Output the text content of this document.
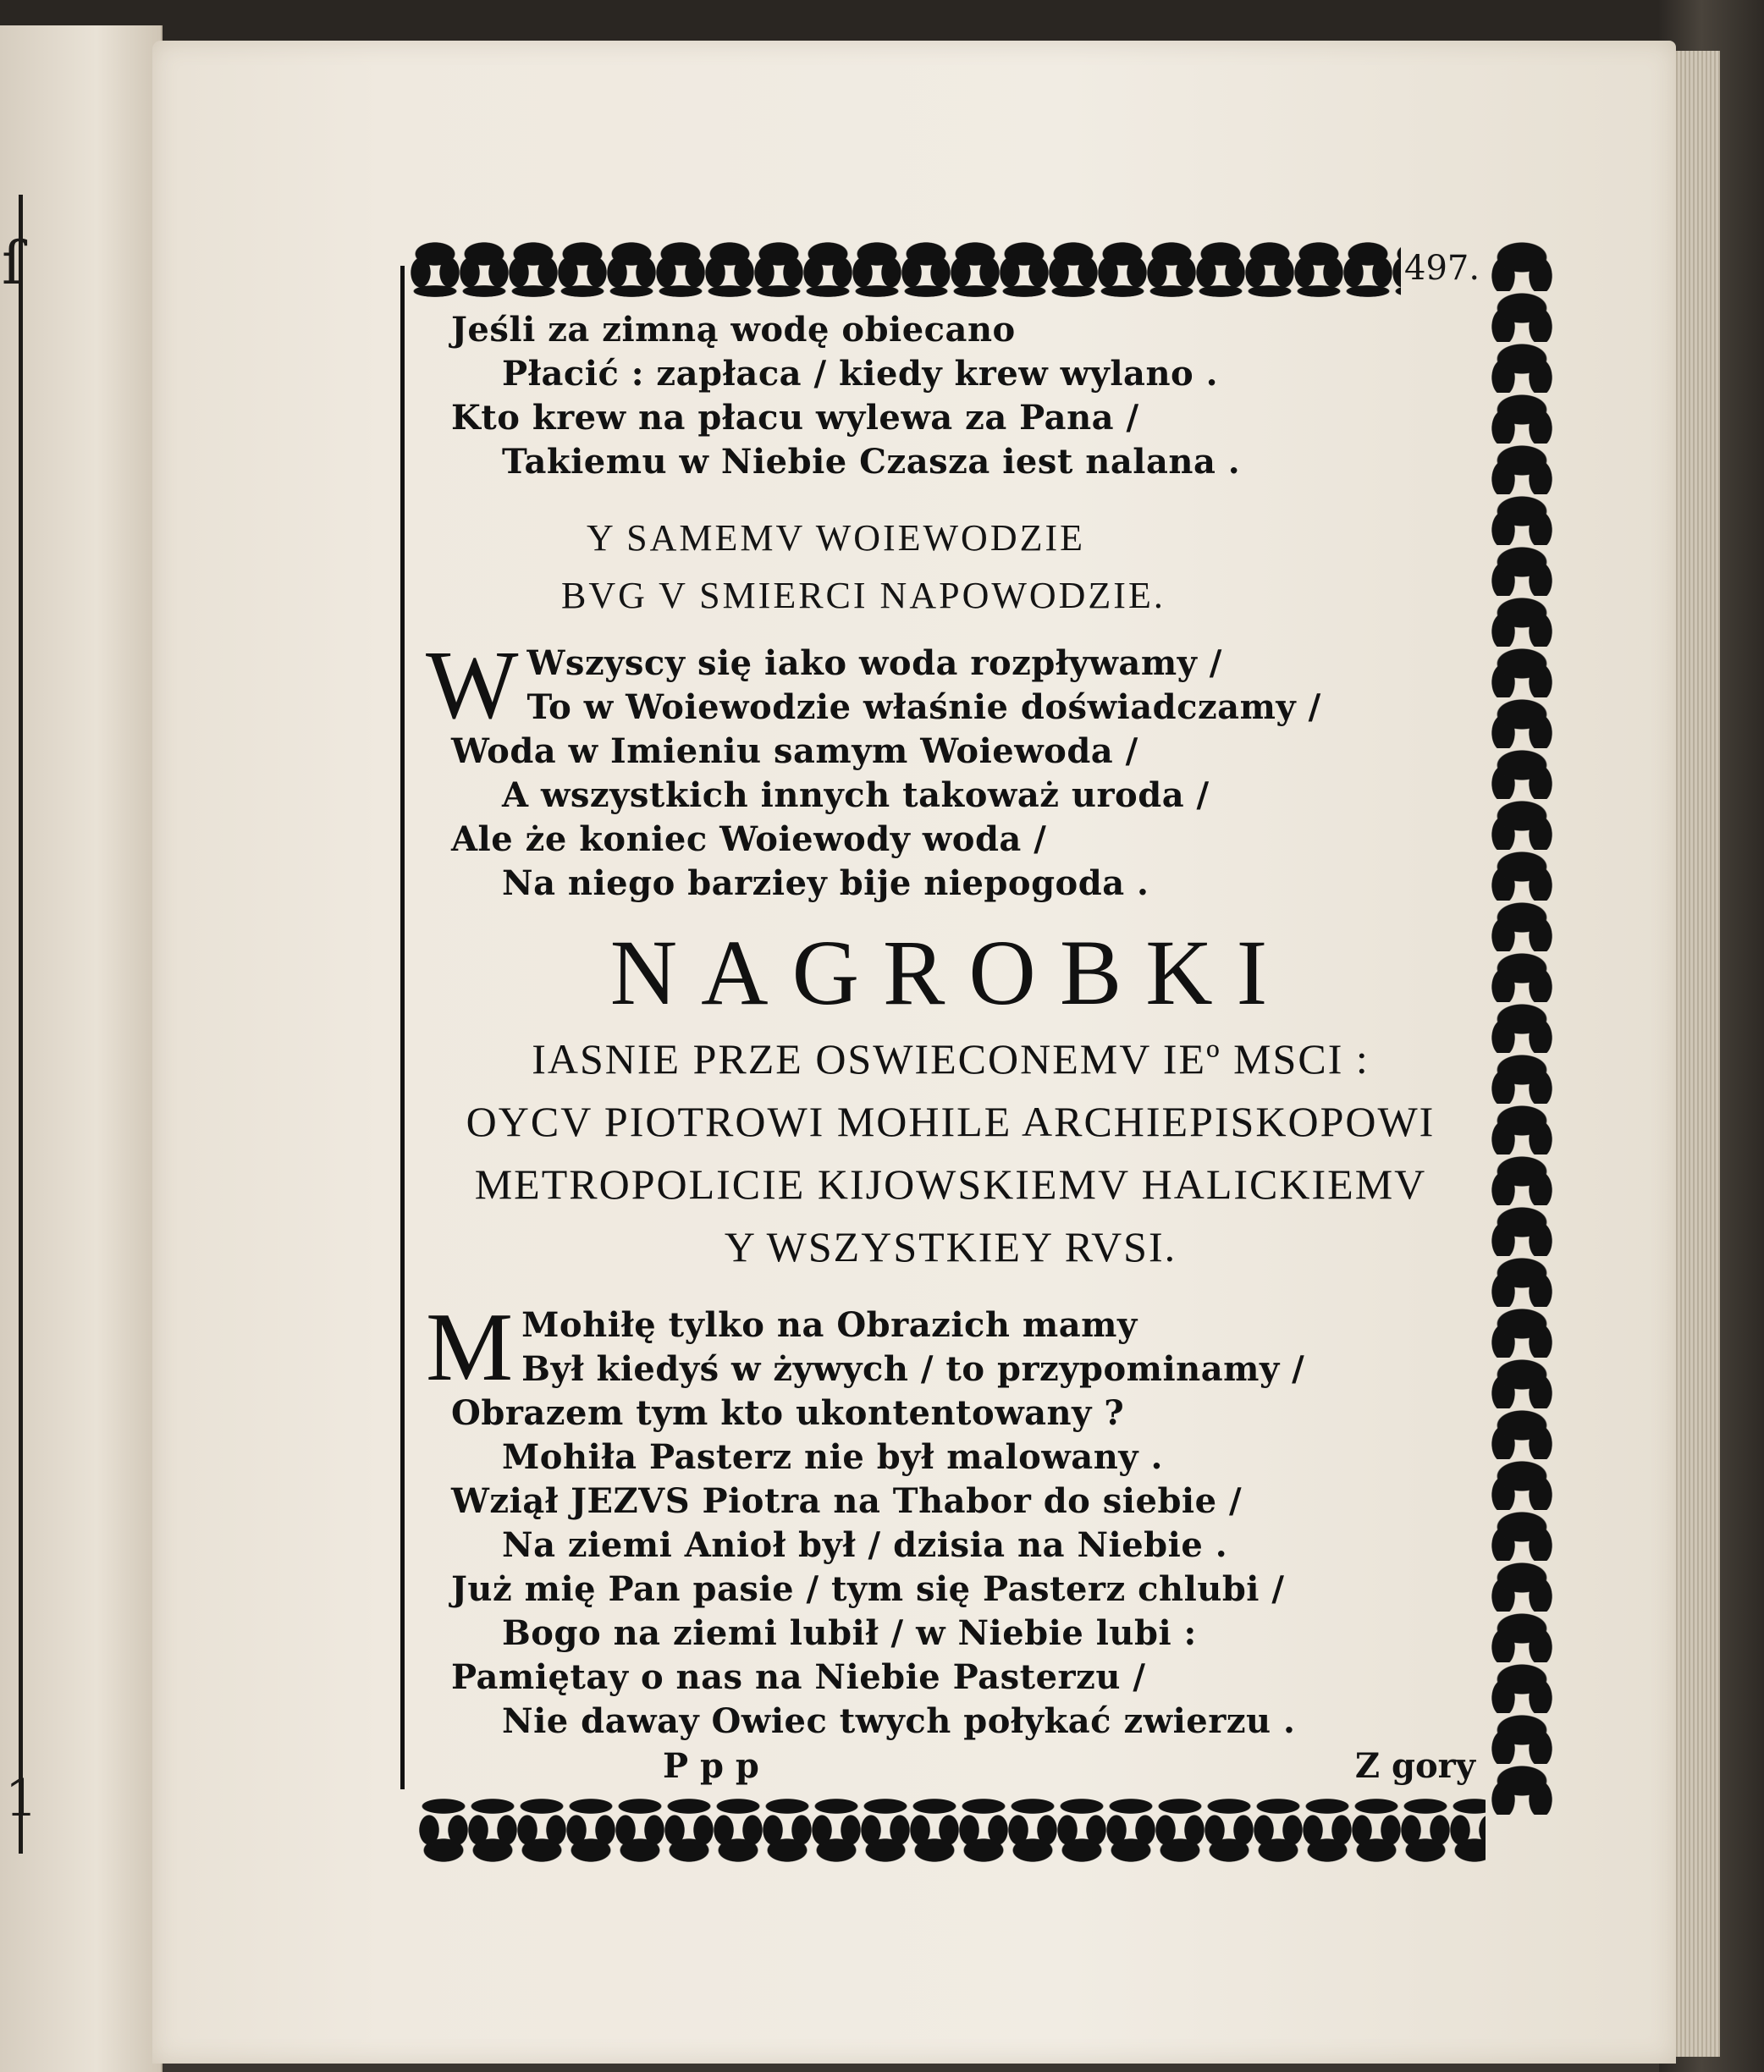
ſ
1
497.
Jeśli za zimną wodę obiecano
Płacić : zapłaca / kiedy krew wylano .
Kto krew na płacu wylewa za Pana /
Takiemu w Niebie Czasza iest nalana .
Y SAMEMV WOIEWODZIE
BVG V SMIERCI NAPOWODZIE.
W Wszyscy się iako woda rozpływamy /
To w Woiewodzie właśnie doświadczamy /
Woda w Imieniu samym Woiewoda /
A wszystkich innych takoważ uroda /
Ale że koniec Woiewody woda /
Na niego barziey bije niepogoda .
NAGROBKI
IASNIE PRZE OSWIECONEMV IEº MSCI :
OYCV PIOTROWI MOHILE ARCHIEPISKOPOWI
METROPOLICIE KIJOWSKIEMV HALICKIEMV
Y WSZYSTKIEY RVSI.
M Mohiłę tylko na Obrazich mamy
Był kiedyś w żywych / to przypominamy /
Obrazem tym kto ukontentowany ?
Mohiła Pasterz nie był malowany .
Wziął JEZVS Piotra na Thabor do siebie /
Na ziemi Anioł był / dzisia na Niebie .
Już mię Pan pasie / tym się Pasterz chlubi /
Bogo na ziemi lubił / w Niebie lubi :
Pamiętay o nas na Niebie Pasterzu /
Nie daway Owiec twych połykać zwierzu .
P p p	Z gory
